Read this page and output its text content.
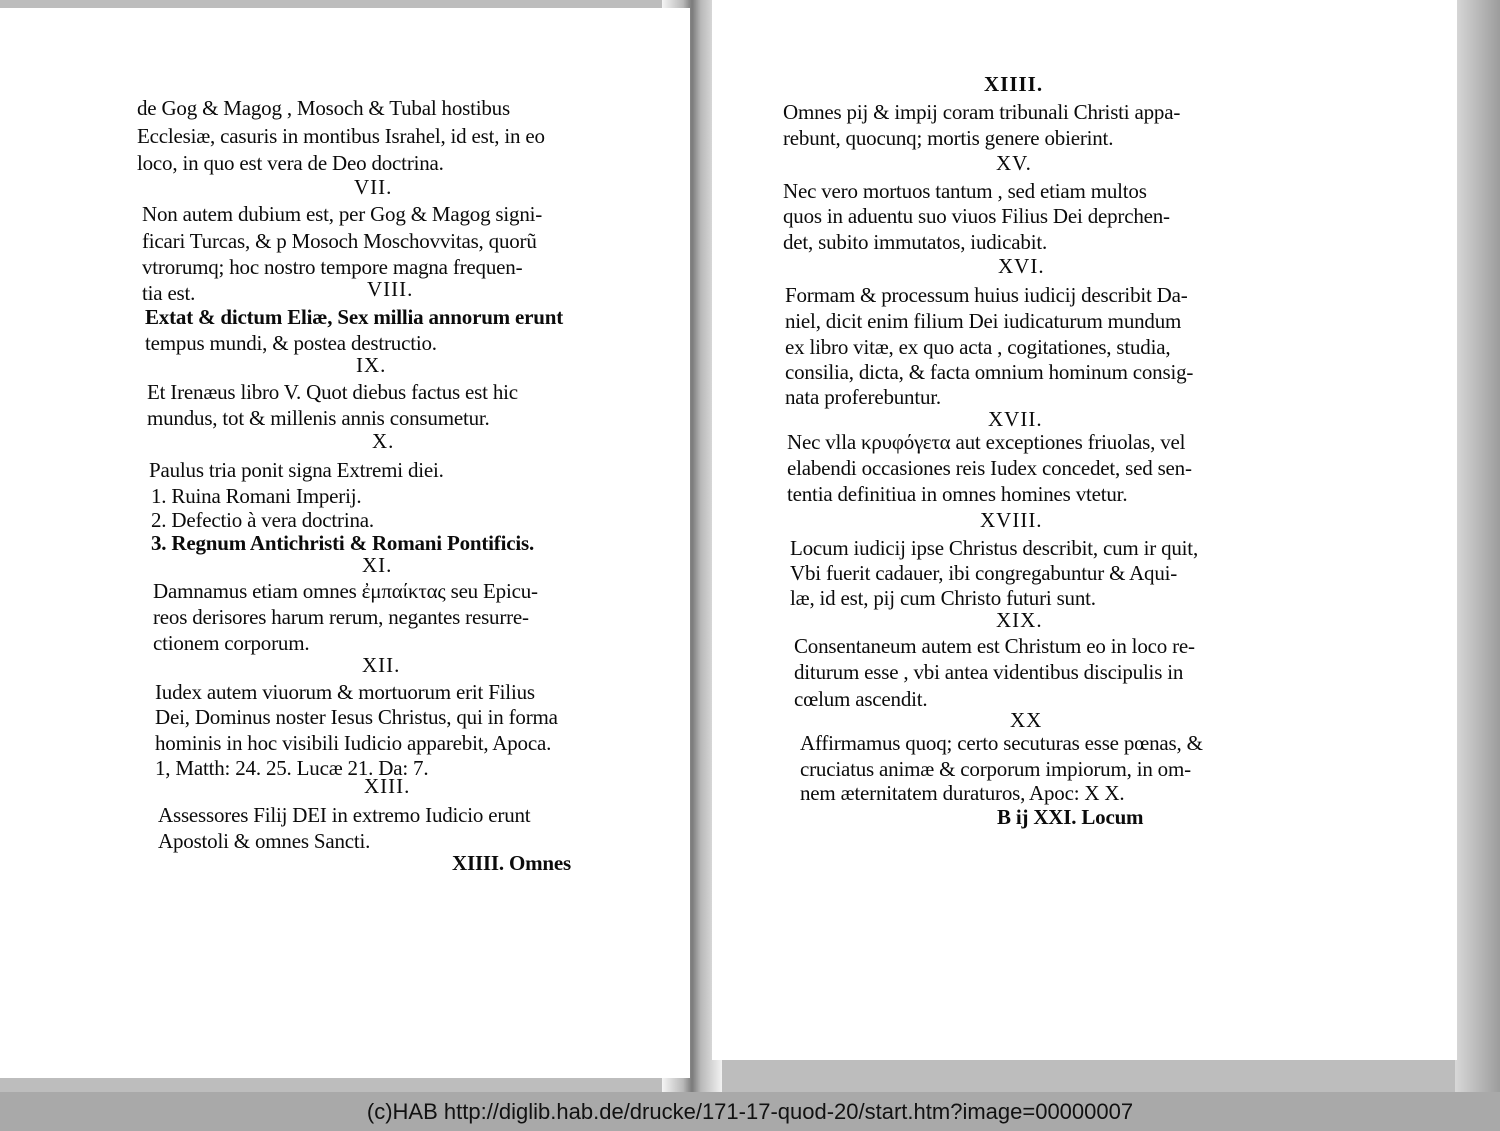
de Gog & Magog , Mosoch & Tubal hostibus
Ecclesiæ, casuris in montibus Israhel, id est, in eo
loco, in quo est vera de Deo doctrina.
VII.
Non autem dubium est, per Gog & Magog signi-
ficari Turcas, & p Mosoch Moschovvitas, quorũ
vtrorumq; hoc nostro tempore magna frequen-
tia est.	VIII.
Extat & dictum Eliæ, Sex millia annorum erunt
tempus mundi, & postea destructio.
IX.
Et Irenæus libro V. Quot diebus factus est hic
mundus, tot & millenis annis consumetur.
X.
Paulus tria ponit signa Extremi diei.
1. Ruina Romani Imperij.
2. Defectio à vera doctrina.
3. Regnum Antichristi & Romani Pontificis.
XI.
Damnamus etiam omnes ἐμπαίκτας seu Epicu-
reos derisores harum rerum, negantes resurre-
ctionem corporum.
XII.
Iudex autem viuorum & mortuorum erit Filius
Dei, Dominus noster Iesus Christus, qui in forma
hominis in hoc visibili Iudicio apparebit, Apoca.
1, Matth: 24. 25. Lucæ 21. Da: 7.
XIII.
Assessores Filij DEI in extremo Iudicio erunt
Apostoli & omnes Sancti.
XIIII. Omnes
XIIII.
Omnes pij & impij coram tribunali Christi appa-
rebunt, quocunq; mortis genere obierint.
XV.
Nec vero mortuos tantum , sed etiam multos
quos in aduentu suo viuos Filius Dei deprchen-
det, subito immutatos, iudicabit.
XVI.
Formam & processum huius iudicij describit Da-
niel, dicit enim filium Dei iudicaturum mundum
ex libro vitæ, ex quo acta , cogitationes, studia,
consilia, dicta, & facta omnium hominum consig-
nata proferebuntur.
XVII.
Nec vlla κρυφόγετα aut exceptiones friuolas, vel
elabendi occasiones reis Iudex concedet, sed sen-
tentia definitiua in omnes homines vtetur.
XVIII.
Locum iudicij ipse Christus describit, cum ir quit,
Vbi fuerit cadauer, ibi congregabuntur & Aqui-
læ, id est, pij cum Christo futuri sunt.
XIX.
Consentaneum autem est Christum eo in loco re-
diturum esse , vbi antea videntibus discipulis in
cœlum ascendit.
XX
Affirmamus quoq; certo secuturas esse pœnas, &
cruciatus animæ & corporum impiorum, in om-
nem æternitatem duraturos, Apoc: X X.
B ij XXI. Locum
(c)HAB http://diglib.hab.de/drucke/171-17-quod-20/start.htm?image=00000007
